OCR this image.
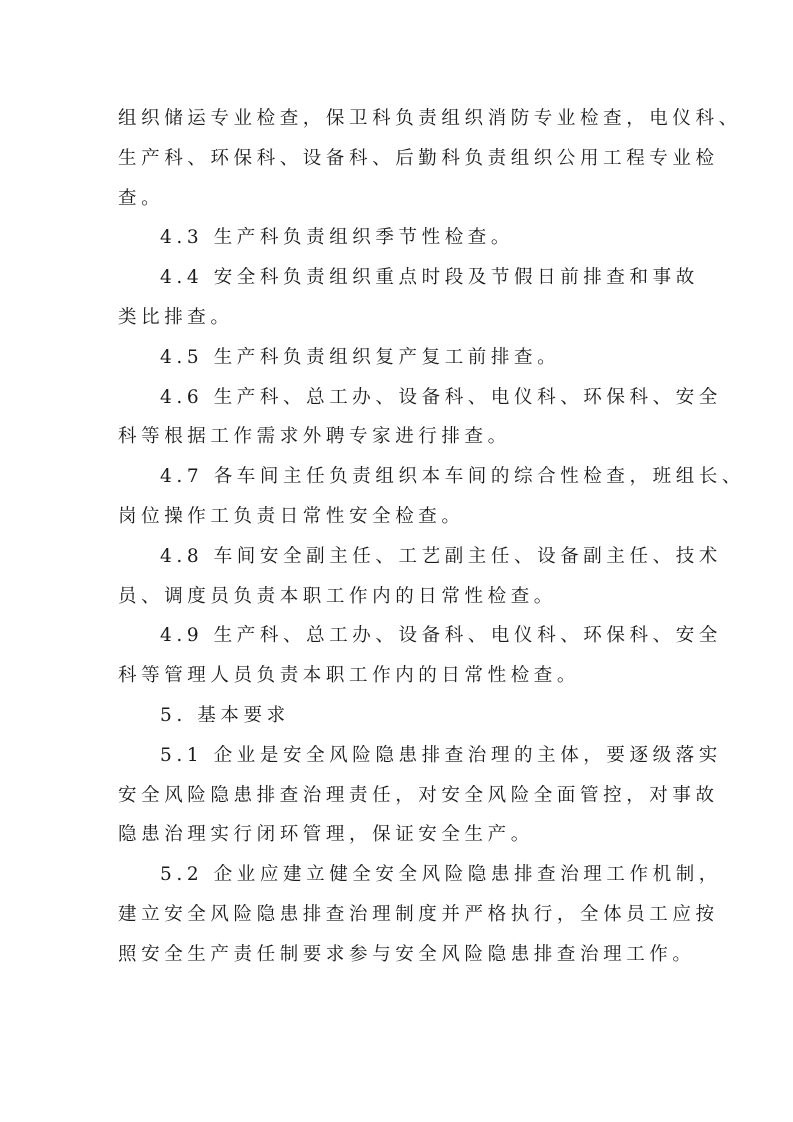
组织储运专业检查，保卫科负责组织消防专业检查，电仪科、
生产科、环保科、设备科、后勤科负责组织公用工程专业检
查。
4.3 生产科负责组织季节性检查。
4.4 安全科负责组织重点时段及节假日前排查和事故
类比排查。
4.5 生产科负责组织复产复工前排查。
4.6 生产科、总工办、设备科、电仪科、环保科、安全
科等根据工作需求外聘专家进行排查。
4.7 各车间主任负责组织本车间的综合性检查，班组长、
岗位操作工负责日常性安全检查。
4.8 车间安全副主任、工艺副主任、设备副主任、技术
员、调度员负责本职工作内的日常性检查。
4.9 生产科、总工办、设备科、电仪科、环保科、安全
科等管理人员负责本职工作内的日常性检查。
5. 基本要求
5.1 企业是安全风险隐患排查治理的主体，要逐级落实
安全风险隐患排查治理责任，对安全风险全面管控，对事故
隐患治理实行闭环管理，保证安全生产。
5.2 企业应建立健全安全风险隐患排查治理工作机制，
建立安全风险隐患排查治理制度并严格执行，全体员工应按
照安全生产责任制要求参与安全风险隐患排查治理工作。
